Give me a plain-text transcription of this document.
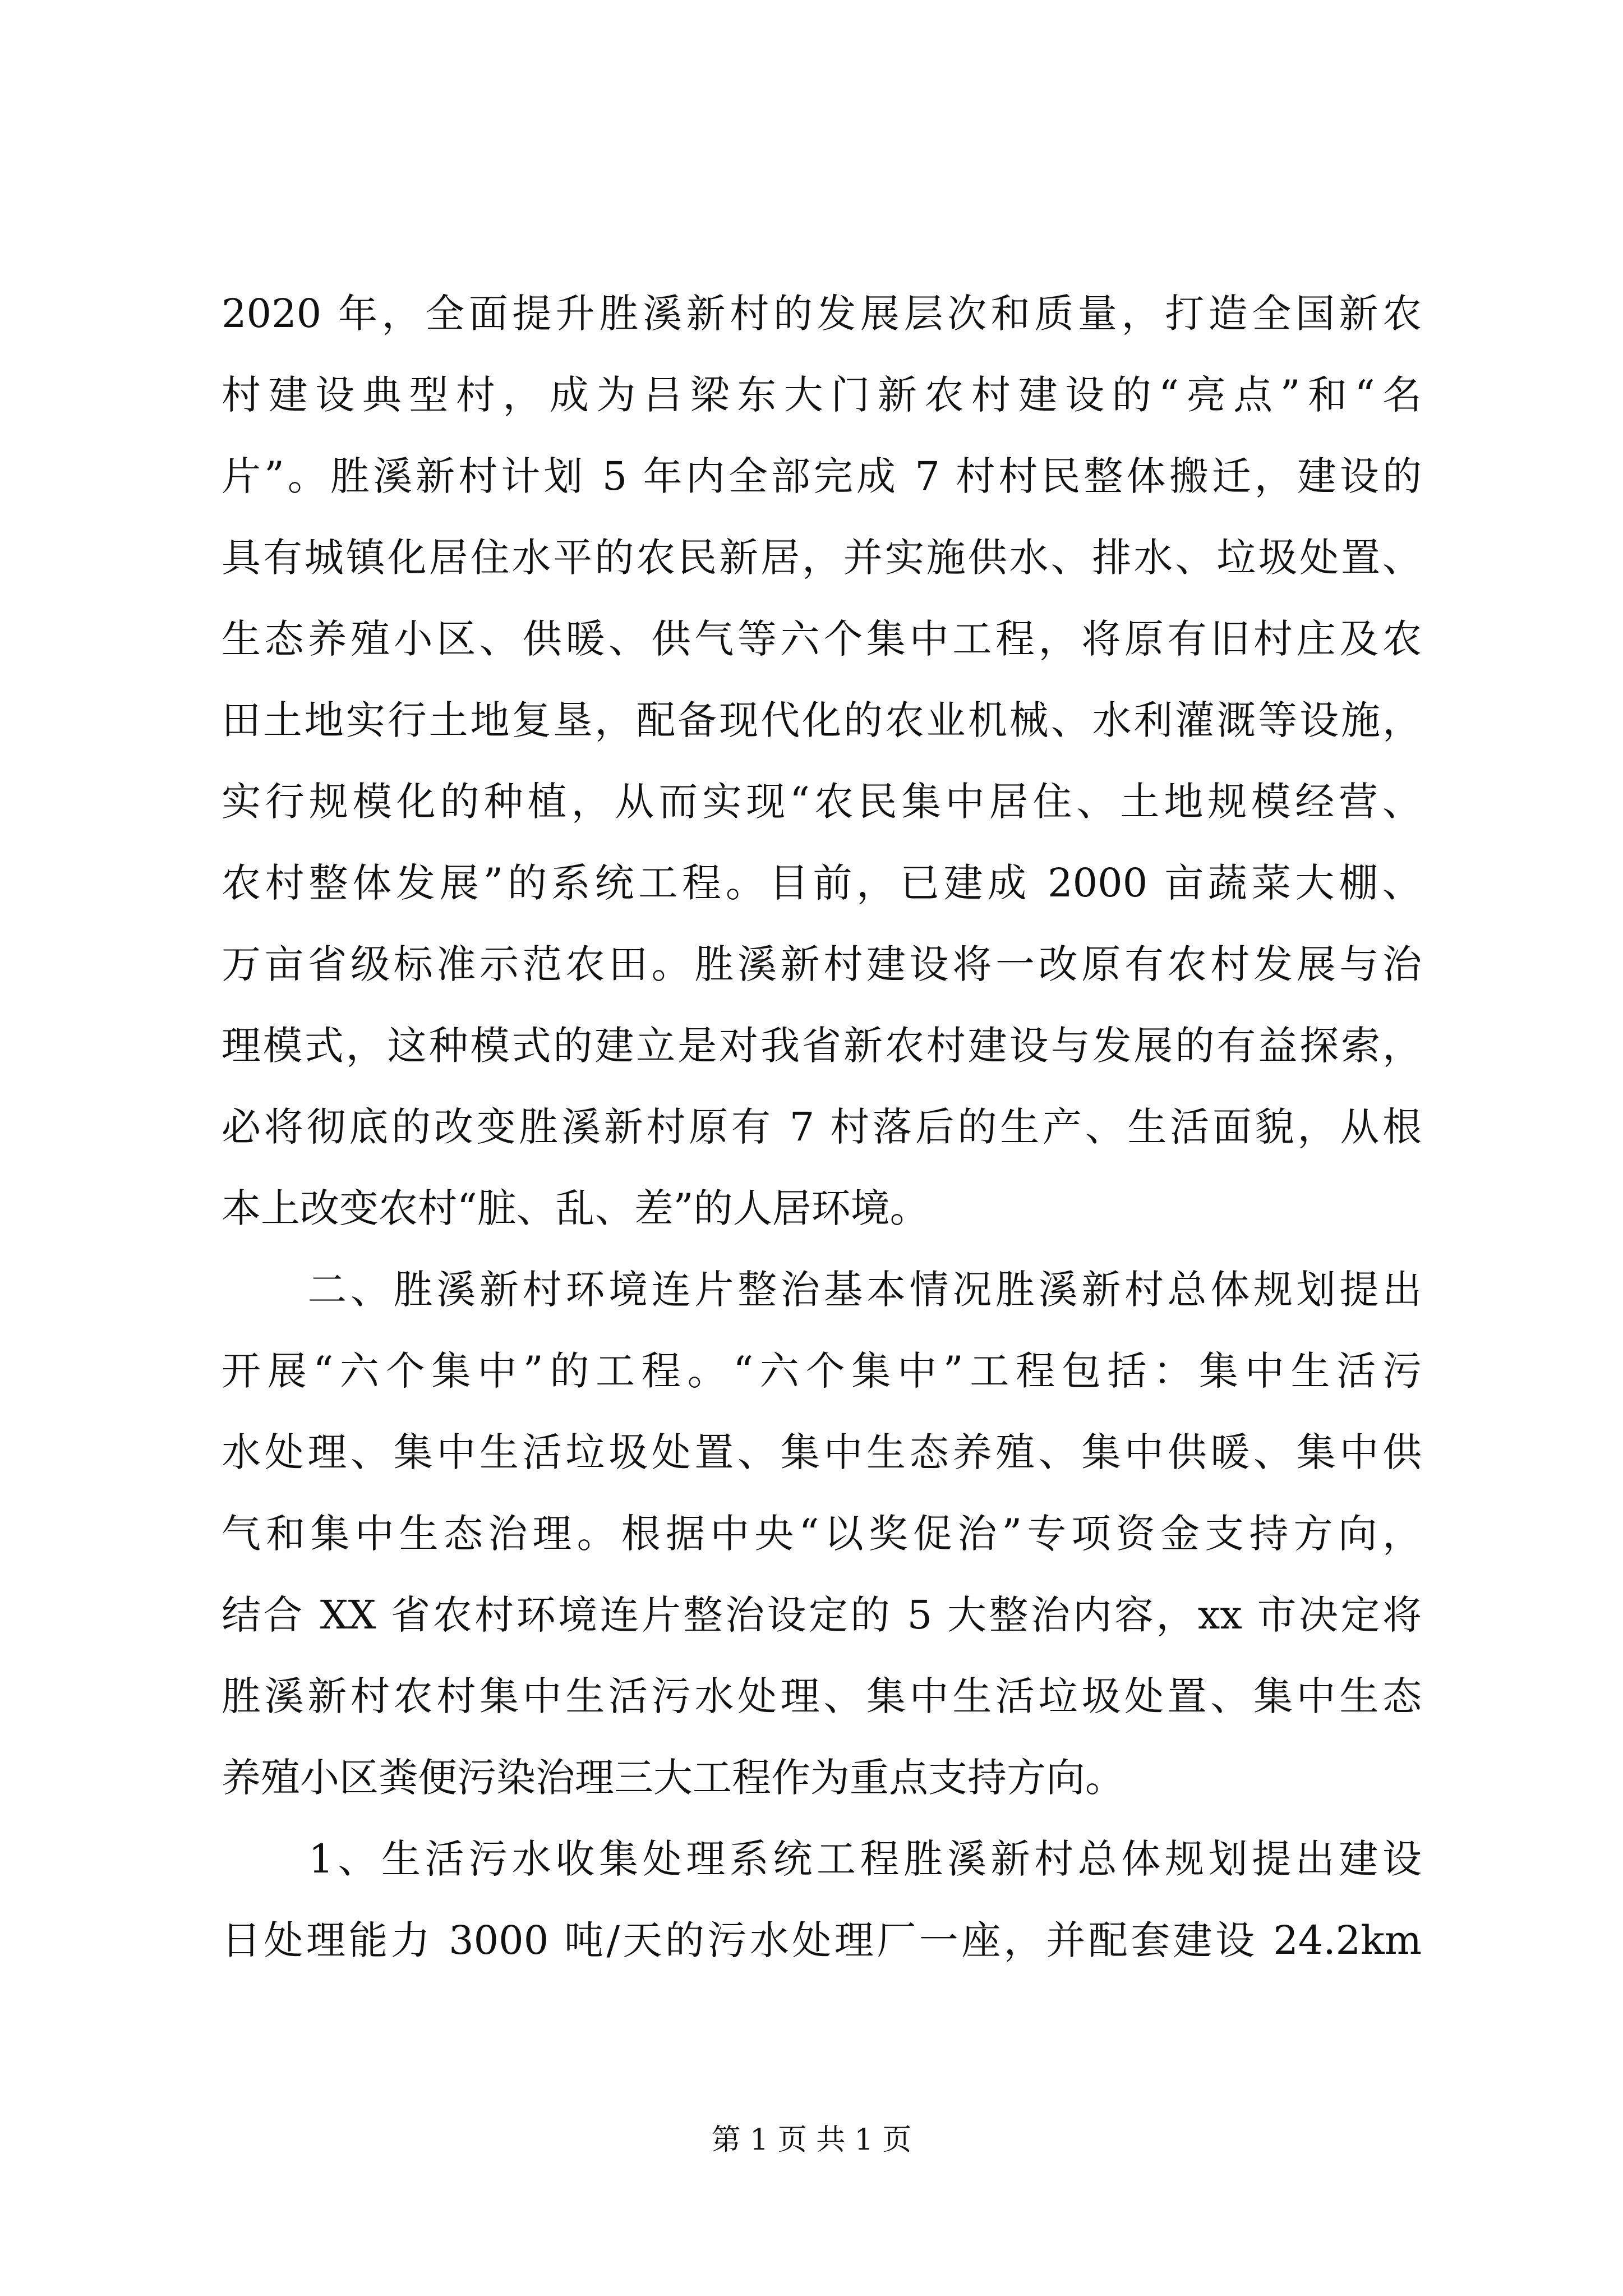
2020 年，全面提升胜溪新村的发展层次和质量，打造全国新农
村建设典型村，成为吕梁东大门新农村建设的“亮点”和“名
片”。胜溪新村计划 5 年内全部完成 7 村村民整体搬迁，建设的
具有城镇化居住水平的农民新居，并实施供水、排水、垃圾处置、
生态养殖小区、供暖、供气等六个集中工程，将原有旧村庄及农
田土地实行土地复垦，配备现代化的农业机械、水利灌溉等设施，
实行规模化的种植，从而实现“农民集中居住、土地规模经营、
农村整体发展”的系统工程。目前，已建成 2000 亩蔬菜大棚、
万亩省级标准示范农田。胜溪新村建设将一改原有农村发展与治
理模式，这种模式的建立是对我省新农村建设与发展的有益探索，
必将彻底的改变胜溪新村原有 7 村落后的生产、生活面貌，从根
本上改变农村“脏、乱、差”的人居环境。
　　二、胜溪新村环境连片整治基本情况胜溪新村总体规划提出
开展“六个集中”的工程。“六个集中”工程包括：集中生活污
水处理、集中生活垃圾处置、集中生态养殖、集中供暖、集中供
气和集中生态治理。根据中央“以奖促治”专项资金支持方向，
结合 XX 省农村环境连片整治设定的 5 大整治内容，xx 市决定将
胜溪新村农村集中生活污水处理、集中生活垃圾处置、集中生态
养殖小区粪便污染治理三大工程作为重点支持方向。
　　1、生活污水收集处理系统工程胜溪新村总体规划提出建设
日处理能力 3000 吨/天的污水处理厂一座，并配套建设 24.2km
第 1 页 共 1 页
